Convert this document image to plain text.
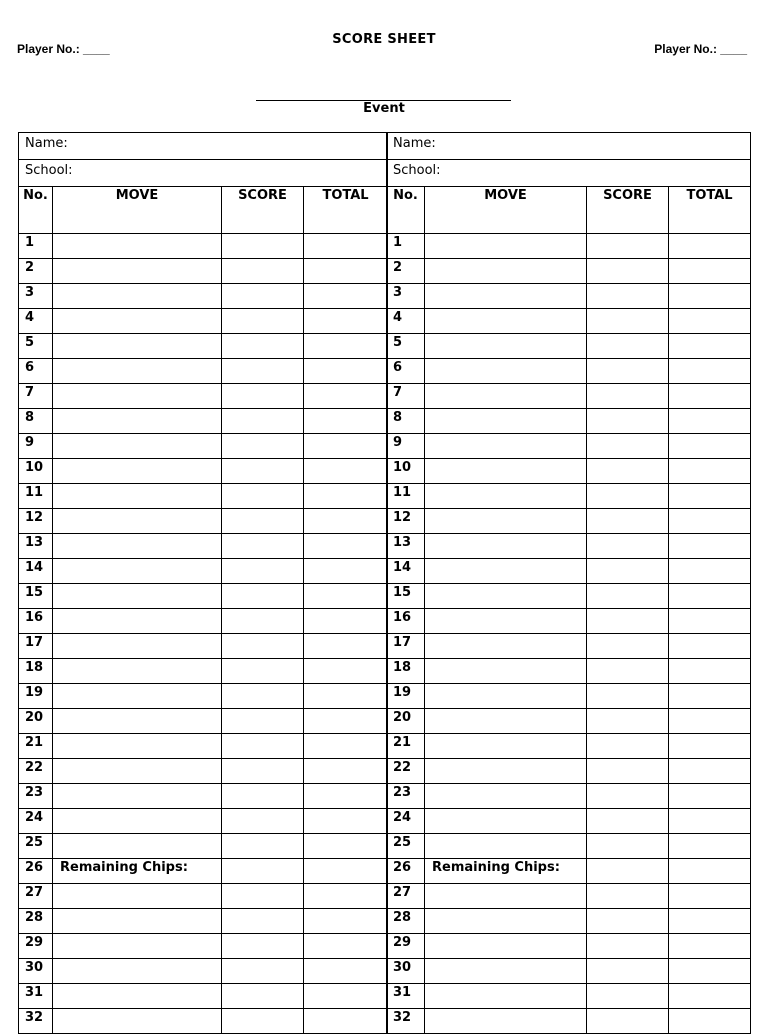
Player No.: ____
SCORE SHEET
Player No.: ____
Event
Name:			
School:			
No.	MOVE	SCORE	TOTAL
1			
2			
3			
4			
5			
6			
7			
8			
9			
10			
11			
12			
13			
14			
15			
16			
17			
18			
19			
20			
21			
22			
23			
24			
25			
26	Remaining Chips:		
27			
28			
29			
30			
31			
32			
Name:			
School:			
No.	MOVE	SCORE	TOTAL
1			
2			
3			
4			
5			
6			
7			
8			
9			
10			
11			
12			
13			
14			
15			
16			
17			
18			
19			
20			
21			
22			
23			
24			
25			
26	Remaining Chips:		
27			
28			
29			
30			
31			
32			
